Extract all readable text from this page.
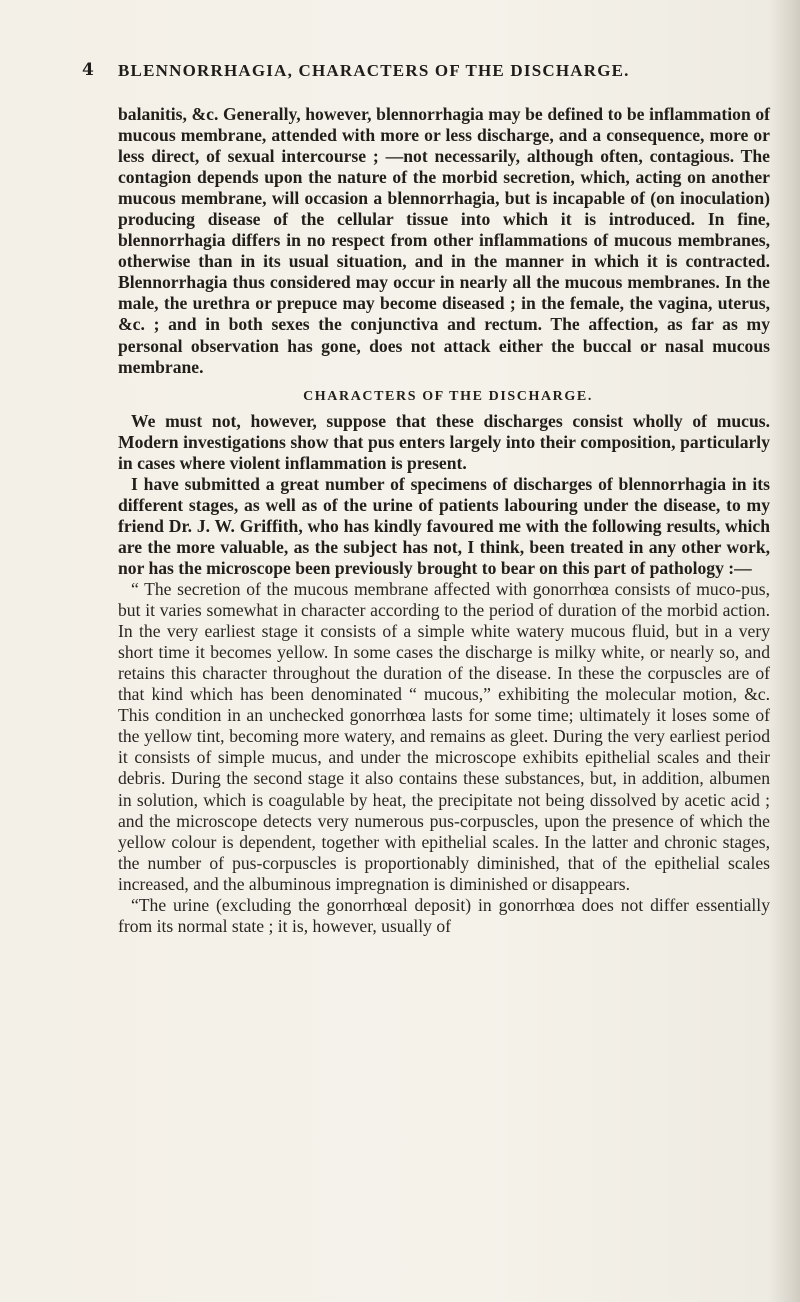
4 BLENNORRHAGIA, CHARACTERS OF THE DISCHARGE.

balanitis, &c. Generally, however, blennorrhagia may be defined to be inflammation of mucous membrane, attended with more or less discharge, and a consequence, more or less direct, of sexual intercourse ; —not necessarily, although often, contagious. The contagion depends upon the nature of the morbid secretion, which, acting on another mucous membrane, will occasion a blennorrhagia, but is incapable of (on inoculation) producing disease of the cellular tissue into which it is introduced. In fine, blennorrhagia differs in no respect from other inflammations of mucous membranes, otherwise than in its usual situation, and in the manner in which it is contracted. Blennorrhagia thus considered may occur in nearly all the mucous membranes. In the male, the urethra or prepuce may become diseased ; in the female, the vagina, uterus, &c. ; and in both sexes the conjunctiva and rectum. The affection, as far as my personal observation has gone, does not attack either the buccal or nasal mucous membrane.

CHARACTERS OF THE DISCHARGE.

We must not, however, suppose that these discharges consist wholly of mucus. Modern investigations show that pus enters largely into their composition, particularly in cases where violent inflammation is present.

I have submitted a great number of specimens of discharges of blennorrhagia in its different stages, as well as of the urine of patients labouring under the disease, to my friend Dr. J. W. Griffith, who has kindly favoured me with the following results, which are the more valuable, as the subject has not, I think, been treated in any other work, nor has the microscope been previously brought to bear on this part of pathology :—

“ The secretion of the mucous membrane affected with gonorrhœa consists of muco-pus, but it varies somewhat in character according to the period of duration of the morbid action. In the very earliest stage it consists of a simple white watery mucous fluid, but in a very short time it becomes yellow. In some cases the discharge is milky white, or nearly so, and retains this character throughout the duration of the disease. In these the corpuscles are of that kind which has been denominated “ mucous,” exhibiting the molecular motion, &c. This condition in an unchecked gonorrhœa lasts for some time; ultimately it loses some of the yellow tint, becoming more watery, and remains as gleet. During the very earliest period it consists of simple mucus, and under the microscope exhibits epithelial scales and their debris. During the second stage it also contains these substances, but, in addition, albumen in solution, which is coagulable by heat, the precipitate not being dissolved by acetic acid ; and the microscope detects very numerous pus-corpuscles, upon the presence of which the yellow colour is dependent, together with epithelial scales. In the latter and chronic stages, the number of pus-corpuscles is proportionably diminished, that of the epithelial scales increased, and the albuminous impregnation is diminished or disappears.

“The urine (excluding the gonorrhœal deposit) in gonorrhœa does not differ essentially from its normal state ; it is, however, usually of
